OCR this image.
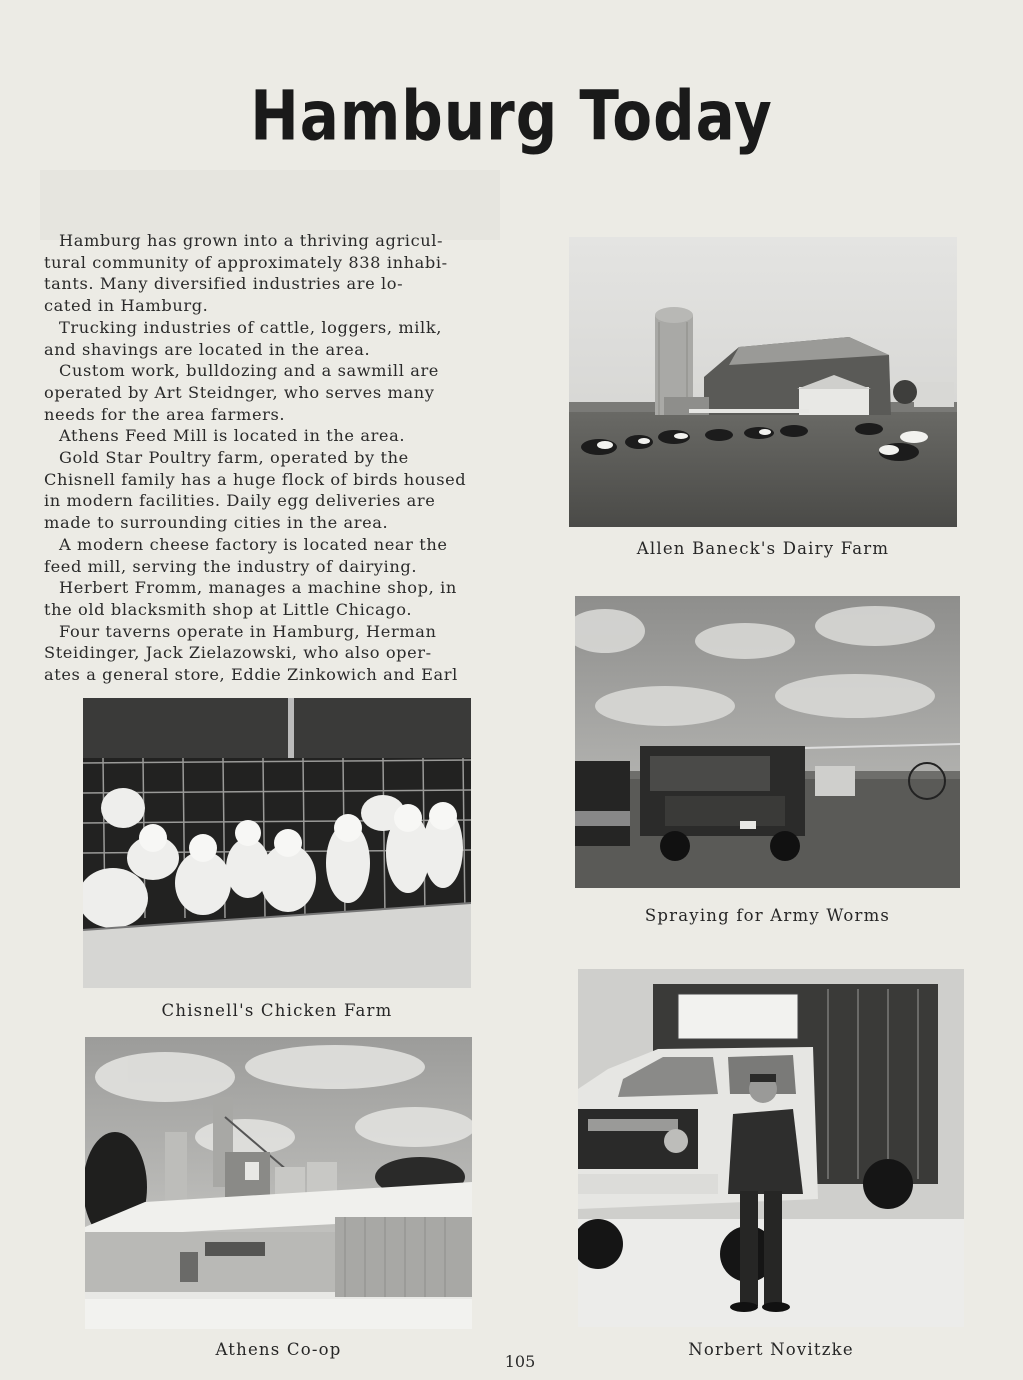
Hamburg Today
Hamburg has grown into a thriving agricul-
tural community of approximately 838 inhabi-
tants. Many diversified industries are lo-
cated in Hamburg.
Trucking industries of cattle, loggers, milk,
and shavings are located in the area.
Custom work, bulldozing and a sawmill are
operated by Art Steidnger, who serves many
needs for the area farmers.
Athens Feed Mill is located in the area.
Gold Star Poultry farm, operated by the
Chisnell family has a huge flock of birds housed
in modern facilities. Daily egg deliveries are
made to surrounding cities in the area.
A modern cheese factory is located near the
feed mill, serving the industry of dairying.
Herbert Fromm, manages a machine shop, in
the old blacksmith shop at Little Chicago.
Four taverns operate in Hamburg, Herman
Steidinger, Jack Zielazowski, who also oper-
ates a general store, Eddie Zinkowich and Earl
Allen Baneck's Dairy Farm
Spraying for Army Worms
Chisnell's Chicken Farm
Athens Co-op	Norbert Novitzke
105
